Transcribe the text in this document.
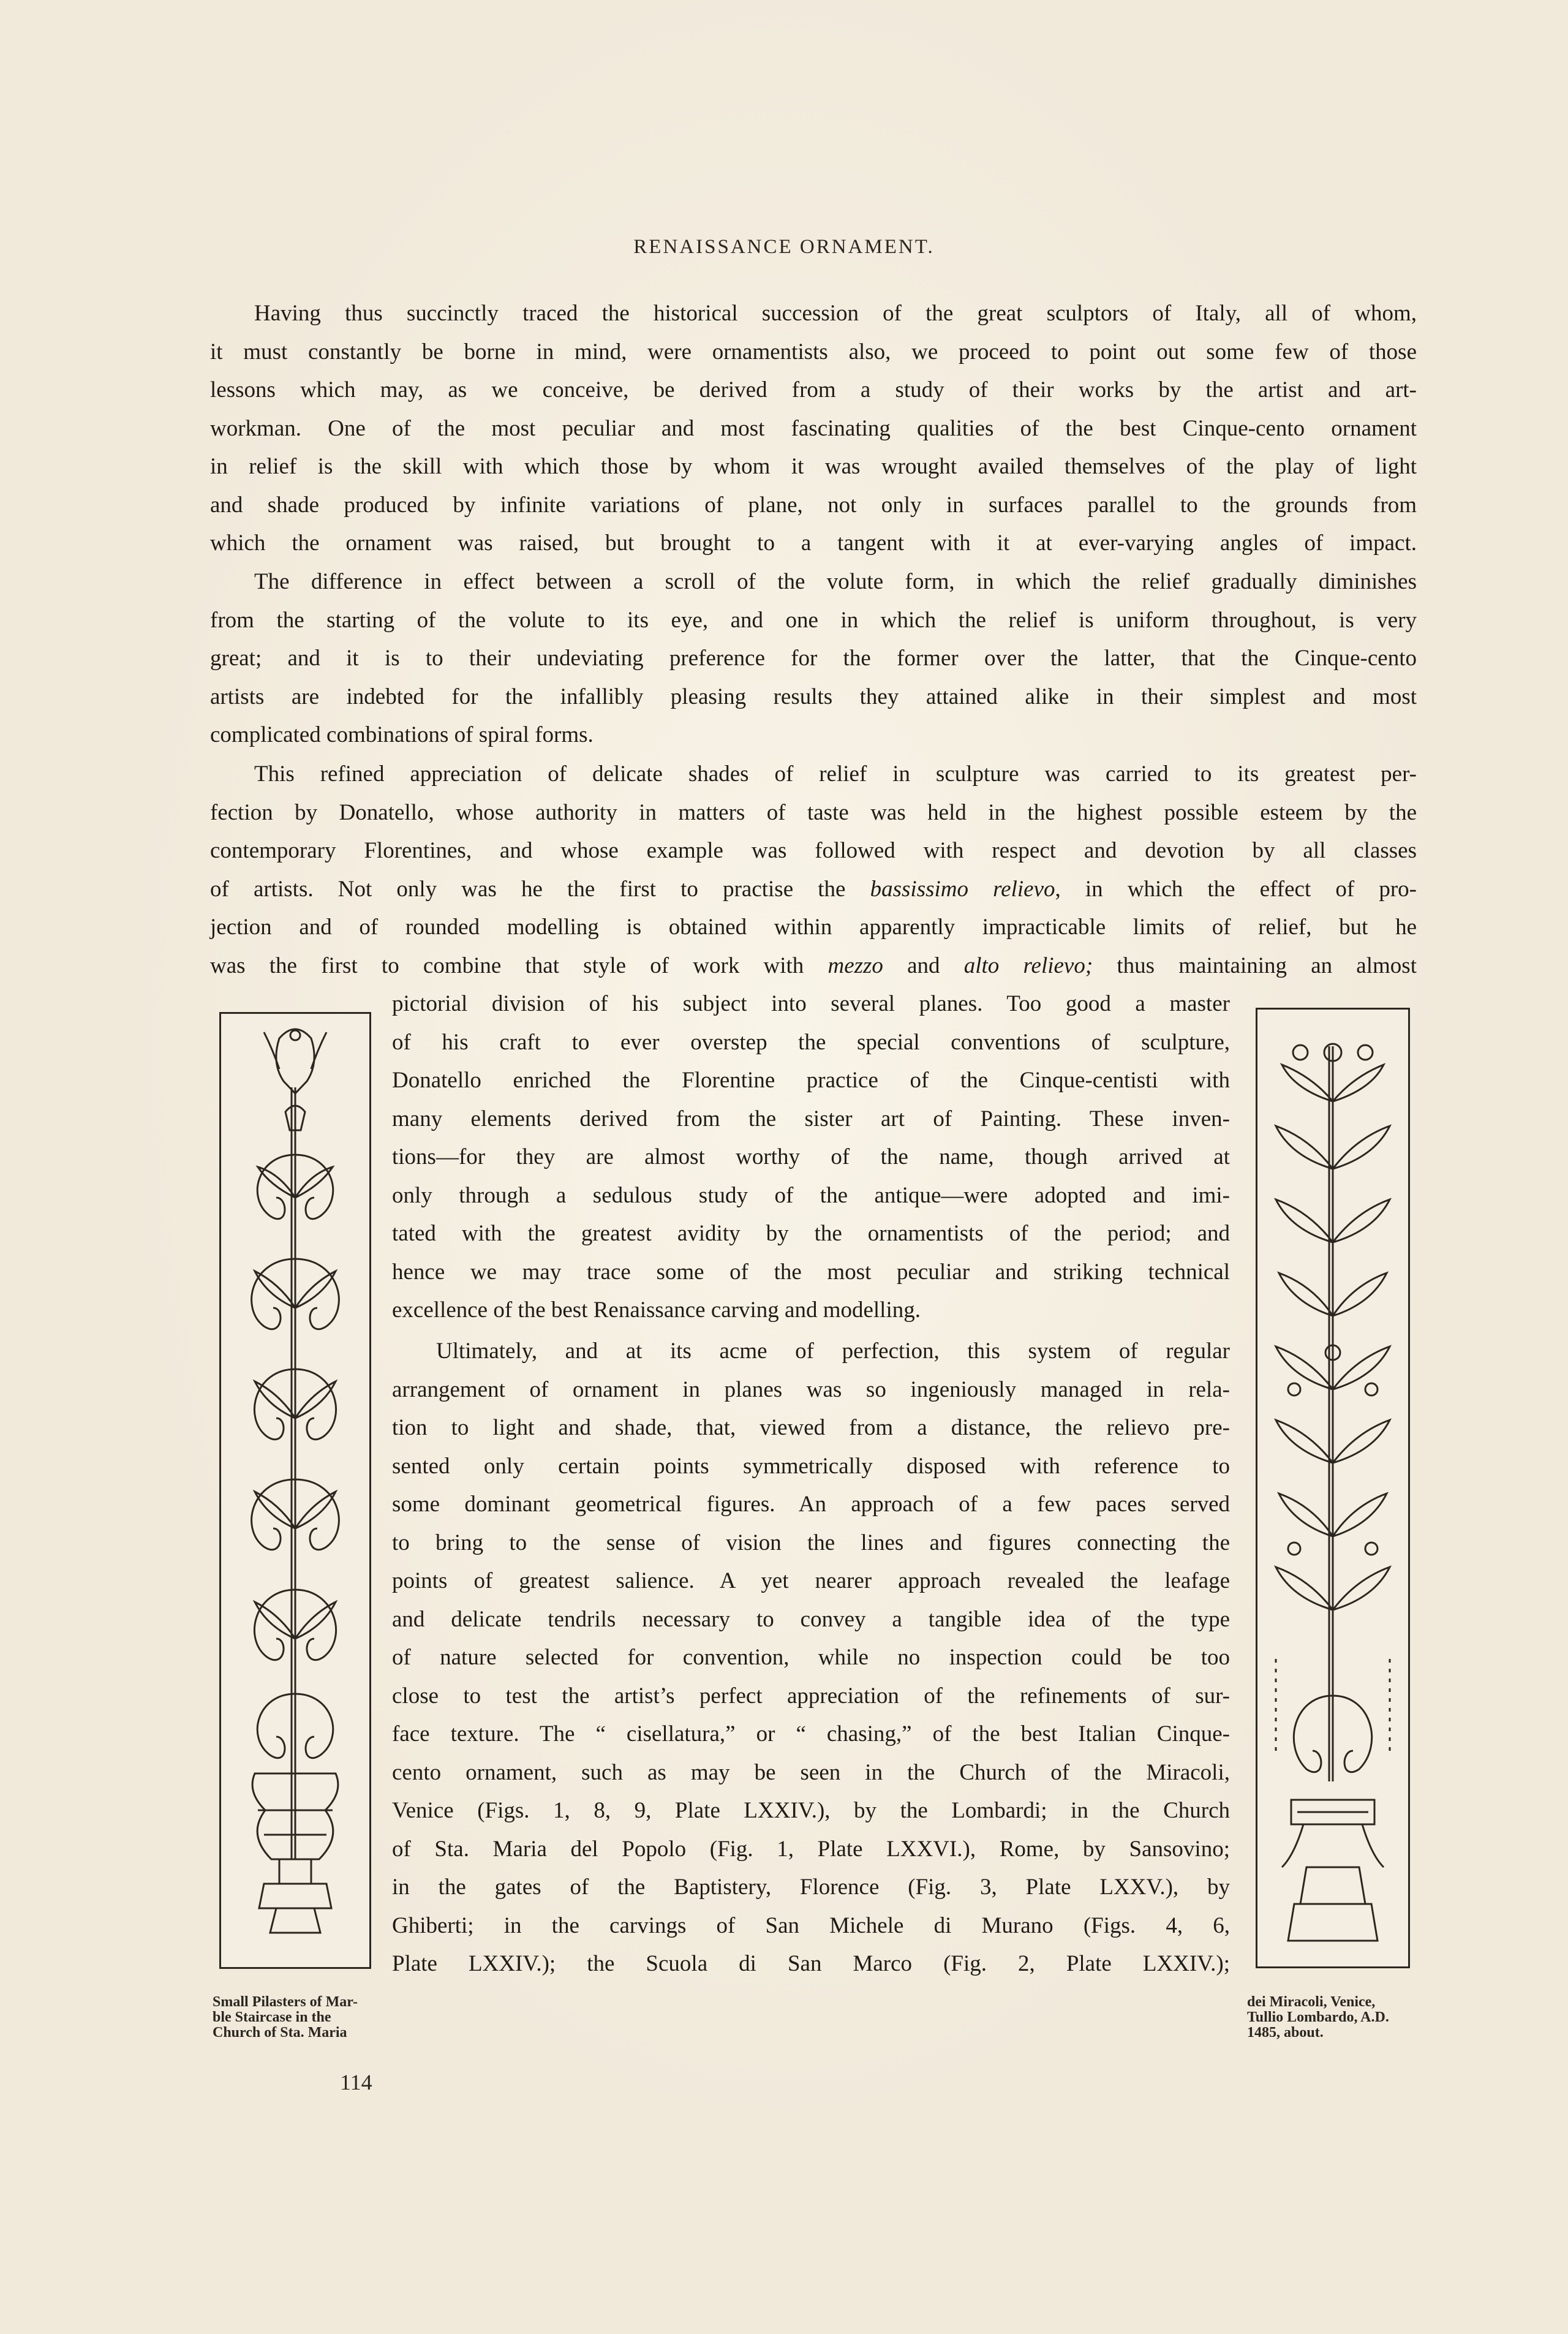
RENAISSANCE ORNAMENT.
Having thus succinctly traced the historical succession of the great sculptors of Italy, all of whom,
it must constantly be borne in mind, were ornamentists also, we proceed to point out some few of those
lessons which may, as we conceive, be derived from a study of their works by the artist and art-
workman. One of the most peculiar and most fascinating qualities of the best Cinque-cento ornament
in relief is the skill with which those by whom it was wrought availed themselves of the play of light
and shade produced by infinite variations of plane, not only in surfaces parallel to the grounds from
which the ornament was raised, but brought to a tangent with it at ever-varying angles of impact.
The difference in effect between a scroll of the volute form, in which the relief gradually diminishes
from the starting of the volute to its eye, and one in which the relief is uniform throughout, is very
great; and it is to their undeviating preference for the former over the latter, that the Cinque-cento
artists are indebted for the infallibly pleasing results they attained alike in their simplest and most
complicated combinations of spiral forms.
This refined appreciation of delicate shades of relief in sculpture was carried to its greatest per-
fection by Donatello, whose authority in matters of taste was held in the highest possible esteem by the
contemporary Florentines, and whose example was followed with respect and devotion by all classes
of artists. Not only was he the first to practise the bassissimo relievo, in which the effect of pro-
jection and of rounded modelling is obtained within apparently impracticable limits of relief, but he
was the first to combine that style of work with mezzo and alto relievo; thus maintaining an almost
pictorial division of his subject into several planes. Too good a master
of his craft to ever overstep the special conventions of sculpture,
Donatello enriched the Florentine practice of the Cinque-centisti with
many elements derived from the sister art of Painting. These inven-
tions—for they are almost worthy of the name, though arrived at
only through a sedulous study of the antique—were adopted and imi-
tated with the greatest avidity by the ornamentists of the period; and
hence we may trace some of the most peculiar and striking technical
excellence of the best Renaissance carving and modelling.
Ultimately, and at its acme of perfection, this system of regular
arrangement of ornament in planes was so ingeniously managed in rela-
tion to light and shade, that, viewed from a distance, the relievo pre-
sented only certain points symmetrically disposed with reference to
some dominant geometrical figures. An approach of a few paces served
to bring to the sense of vision the lines and figures connecting the
points of greatest salience. A yet nearer approach revealed the leafage
and delicate tendrils necessary to convey a tangible idea of the type
of nature selected for convention, while no inspection could be too
close to test the artist’s perfect appreciation of the refinements of sur-
face texture. The “ cisellatura,” or “ chasing,” of the best Italian Cinque-
cento ornament, such as may be seen in the Church of the Miracoli,
Venice (Figs. 1, 8, 9, Plate LXXIV.), by the Lombardi; in the Church
of Sta. Maria del Popolo (Fig. 1, Plate LXXVI.), Rome, by Sansovino;
in the gates of the Baptistery, Florence (Fig. 3, Plate LXXV.), by
Ghiberti; in the carvings of San Michele di Murano (Figs. 4, 6,
Plate LXXIV.); the Scuola di San Marco (Fig. 2, Plate LXXIV.);
Small Pilasters of Mar-
ble Staircase in the
Church of Sta. Maria
dei Miracoli, Venice,
Tullio Lombardo, A.D.
1485, about.
114
